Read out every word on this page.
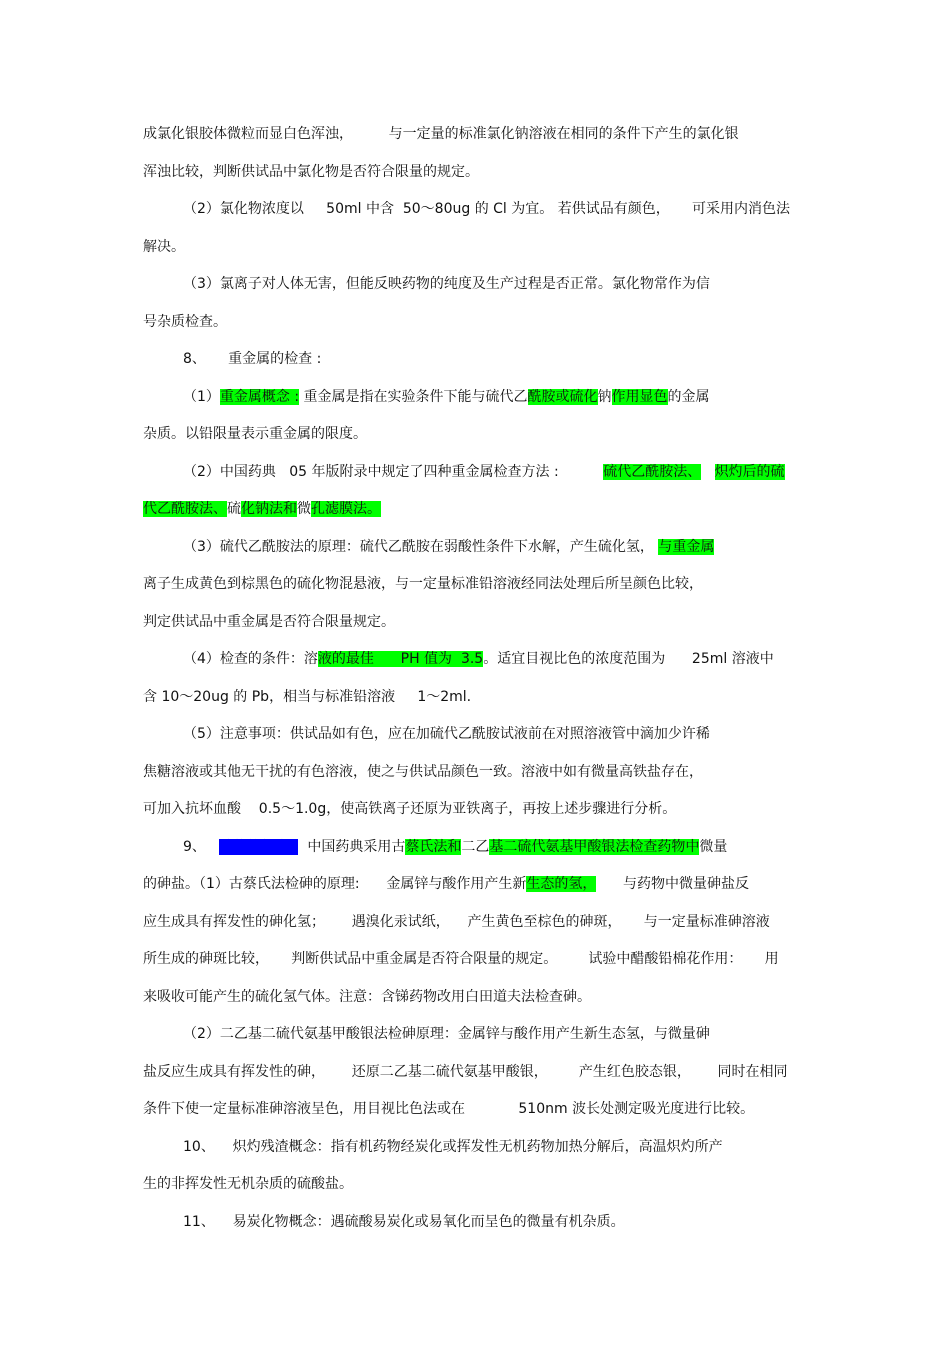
成氯化银胶体微粒而显白色浑浊，        与一定量的标准氯化钠溶液在相同的条件下产生的氯化银
浑浊比较，判断供试品中氯化物是否符合限量的规定。
（2）氯化物浓度以     50ml 中含  50～80ug 的 Cl 为宜。 若供试品有颜色，     可采用内消色法
解决。
（3）氯离子对人体无害，但能反映药物的纯度及生产过程是否正常。氯化物常作为信
号杂质检查。
8、     重金属的检查 :
（1）重金属概念 : 重金属是指在实验条件下能与硫代乙酰胺或硫化钠作用显色的金属
杂质。以铅限量表示重金属的限度。
（2）中国药典   05 年版附录中规定了四种重金属检查方法 :          硫代乙酰胺法、 炽灼后的硫
代乙酰胺法、硫化钠法和微孔滤膜法。
（3）硫代乙酰胺法的原理：硫代乙酰胺在弱酸性条件下水解，产生硫化氢， 与重金属
离子生成黄色到棕黑色的硫化物混悬液，与一定量标准铅溶液经同法处理后所呈颜色比较，
判定供试品中重金属是否符合限量规定。
（4）检查的条件：溶液的最佳      PH 值为  3.5。适宜目视比色的浓度范围为      25ml 溶液中
含 10～20ug 的 Pb，相当与标准铅溶液     1～2ml.
（5）注意事项：供试品如有色，应在加硫代乙酰胺试液前在对照溶液管中滴加少许稀
焦糖溶液或其他无干扰的有色溶液，使之与供试品颜色一致。溶液中如有微量高铁盐存在，
可加入抗坏血酸    0.5～1.0g，使高铁离子还原为亚铁离子，再按上述步骤进行分析。
9、   砷盐的检查 :  中国药典采用古蔡氏法和二乙基二硫代氨基甲酸银法检查药物中微量
的砷盐。（1）古蔡氏法检砷的原理:      金属锌与酸作用产生新生态的氢，      与药物中微量砷盐反
应生成具有挥发性的砷化氢；      遇溴化汞试纸，    产生黄色至棕色的砷斑，     与一定量标准砷溶液
所生成的砷斑比较，     判断供试品中重金属是否符合限量的规定。       试验中醋酸铅棉花作用：     用
来吸收可能产生的硫化氢气体。注意：含锑药物改用白田道夫法检查砷。
（2）二乙基二硫代氨基甲酸银法检砷原理：金属锌与酸作用产生新生态氢，与微量砷
盐反应生成具有挥发性的砷，      还原二乙基二硫代氨基甲酸银，       产生红色胶态银，      同时在相同
条件下使一定量标准砷溶液呈色，用目视比色法或在            510nm 波长处测定吸光度进行比较。
10、    炽灼残渣概念：指有机药物经炭化或挥发性无机药物加热分解后，高温炽灼所产
生的非挥发性无机杂质的硫酸盐。
11、    易炭化物概念：遇硫酸易炭化或易氧化而呈色的微量有机杂质。
